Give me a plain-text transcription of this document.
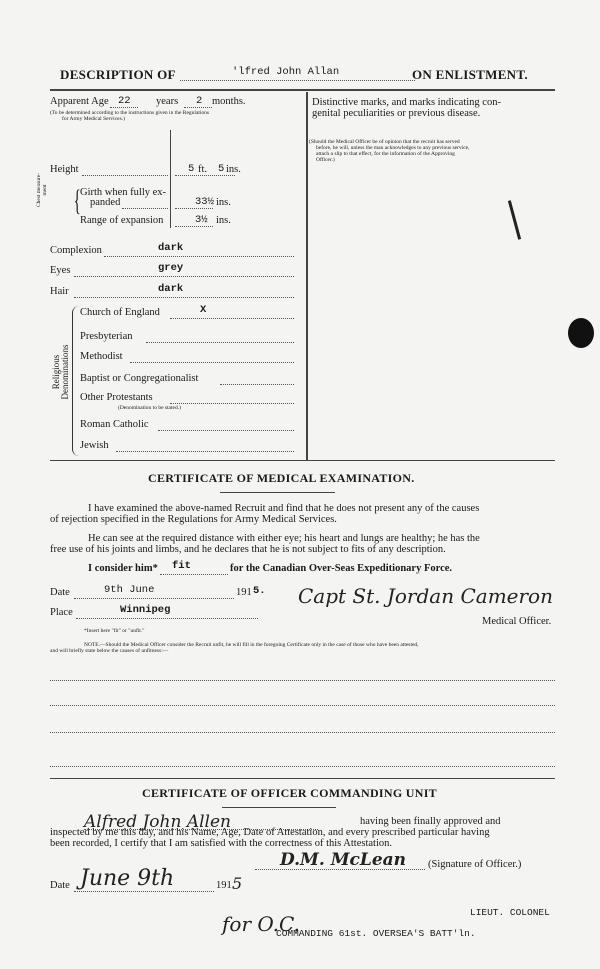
DESCRIPTION OF	'lfred John Allan	ON ENLISTMENT.
Apparent Age 22 years 2 months.
(To be determined according to the instructions given in the Regulations
for Army Medical Services.)
Height	5 ft. 5 ins.
Chest measure- ment { Girth when fully ex-
panded	33½ ins.
Range of expansion	3½ ins.
Complexion	dark
Eyes	grey
Hair	dark
Religious Denominations
Church of England	X
Presbyterian
Methodist
Baptist or Congregationalist
Other Protestants
(Denomination to be stated.)
Roman Catholic
Jewish
Distinctive marks, and marks indicating con-
genital peculiarities or previous disease.
(Should the Medical Officer be of opinion that the recruit has served
before, he will, unless the man acknowledges to any previous service,
attach a slip to that effect, for the information of the Approving
Officer.)
CERTIFICATE OF MEDICAL EXAMINATION.
I have examined the above-named Recruit and find that he does not present any of the causes
of rejection specified in the Regulations for Army Medical Services.
He can see at the required distance with either eye; his heart and lungs are healthy; he has the
free use of his joints and limbs, and he declares that he is not subject to fits of any description.
I consider him* fit	for the Canadian Over-Seas Expeditionary Force.
Date	9th June	191 5.
Place	Winnipeg
Capt St. Jordan Cameron
Medical Officer.
*Insert here "fit" or "unfit."
NOTE.—Should the Medical Officer consider the Recruit unfit, he will fill in the foregoing Certificate only in the case of those who have been attested,
and will briefly state below the causes of unfitness:—
CERTIFICATE OF OFFICER COMMANDING UNIT
Alfred John Allen	having been finally approved and
inspected by me this day, and his Name, Age, Date of Attestation, and every prescribed particular having
been recorded, I certify that I am satisfied with the correctness of this Attestation.
D.M. McLean (Signature of Officer.)
Date June 9th	191 5
for O.C.	LIEUT. COLONEL
COMMANDING 61st. OVERSEA'S BATT'ln.
